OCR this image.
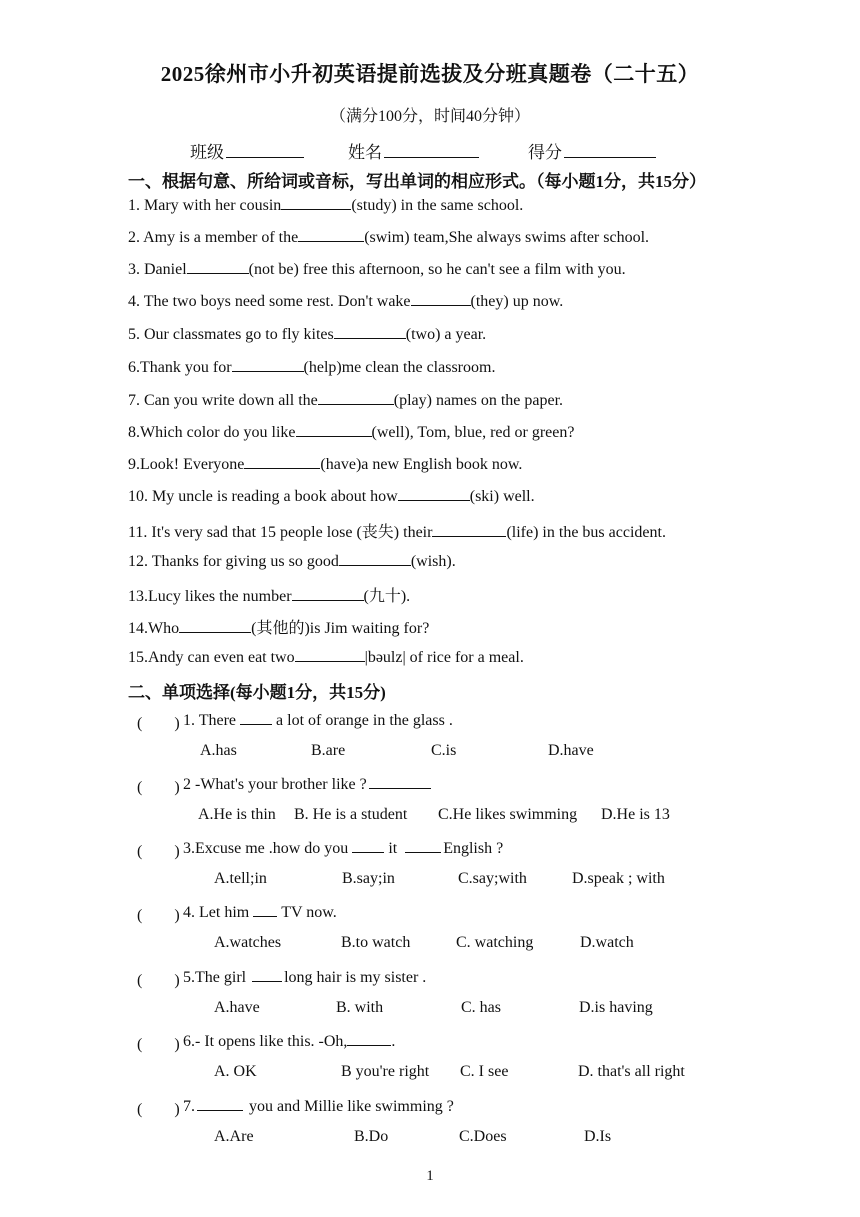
2025徐州市小升初英语提前选拔及分班真题卷（二十五）
（满分100分，时间40分钟）
班级	姓名	得分
一、根据句意、所给词或音标，写出单词的相应形式。（每小题1分，共15分）
1. Mary with her cousin	(study) in the same school.
2. Amy is a member of the	(swim) team,She always swims after school.
3. Daniel	(not be) free this afternoon, so he can't see a film with you.
4. The two boys need some rest. Don't wake	(they) up now.
5. Our classmates go to fly kites	(two) a year.
6.Thank you for	(help)me clean the classroom.
7. Can you write down all the	(play) names on the paper.
8.Which color do you like	(well), Tom, blue, red or green?
9.Look! Everyone	(have)a new English book now.
10. My uncle is reading a book about how	(ski) well.
11. It's very sad that 15 people lose (丧失) their	(life) in the bus accident.
12. Thanks for giving us so good	(wish).
13.Lucy likes the number	(九十).
14.Who	(其他的)is Jim waiting for?
15.Andy can even eat two	|bəulz| of rice for a meal.
二、单项选择(每小题1分，共15分)
(　　) 1. There	a lot of orange in the glass .
A.has	B.are	C.is	D.have
(　　) 2 -What's your brother like ?
A.He is thin B. He is a student C.He likes swimming D.He is 13
(　　) 3.Excuse me .how do you	it	English ?
A.tell;in	B.say;in	C.say;with	D.speak ; with
(　　) 4. Let him TV now.
A.watches	B.to watch	C. watching	D.watch
(　　) 5.The girl long hair is my sister .
A.have	B. with	C. has	D.is having
(　　) 6.- It opens like this. -Oh,	.
A. OK	B you're right C. I see	D. that's all right
(　　) 7.	you and Millie like swimming ?
A.Are	B.Do	C.Does	D.Is
1
